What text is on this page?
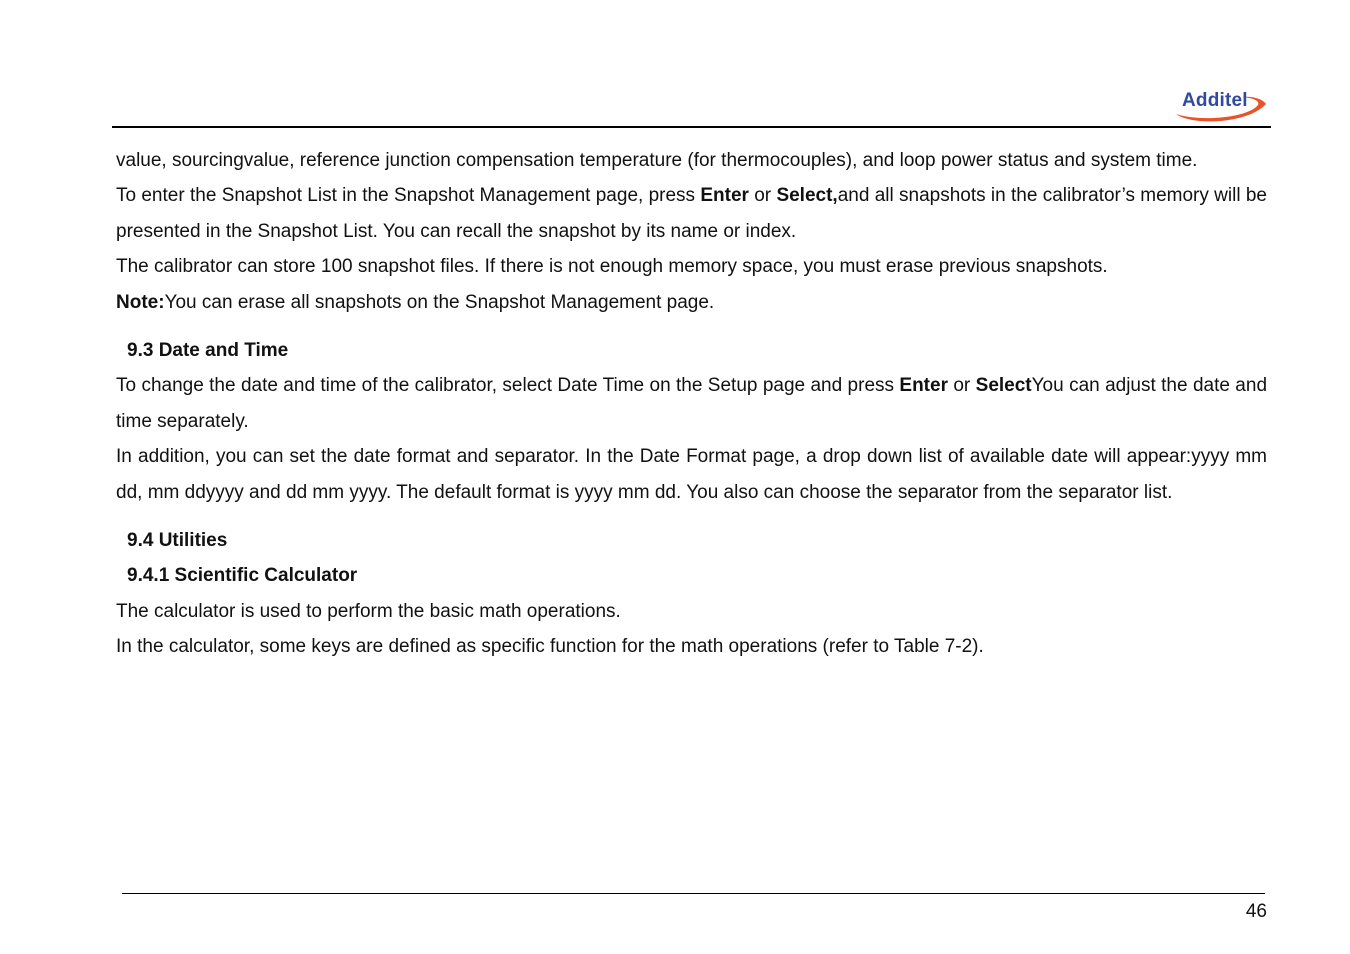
Additel

value, sourcingvalue, reference junction compensation temperature (for thermocouples), and loop power status and system time.

To enter the Snapshot List in the Snapshot Management page, press Enter or Select,and all snapshots in the calibrator’s memory will be presented in the Snapshot List. You can recall the snapshot by its name or index.

The calibrator can store 100 snapshot files. If there is not enough memory space, you must erase previous snapshots.

Note:You can erase all snapshots on the Snapshot Management page.

9.3 Date and Time

To change the date and time of the calibrator, select Date Time on the Setup page and press Enter or SelectYou can adjust the date and time separately.

In addition, you can set the date format and separator. In the Date Format page, a drop down list of available date will appear:yyyy mm dd, mm ddyyyy and dd mm yyyy. The default format is yyyy mm dd. You also can choose the separator from the separator list.

9.4 Utilities
9.4.1 Scientific Calculator

The calculator is used to perform the basic math operations.

In the calculator, some keys are defined as specific function for the math operations (refer to Table 7-2).

46
